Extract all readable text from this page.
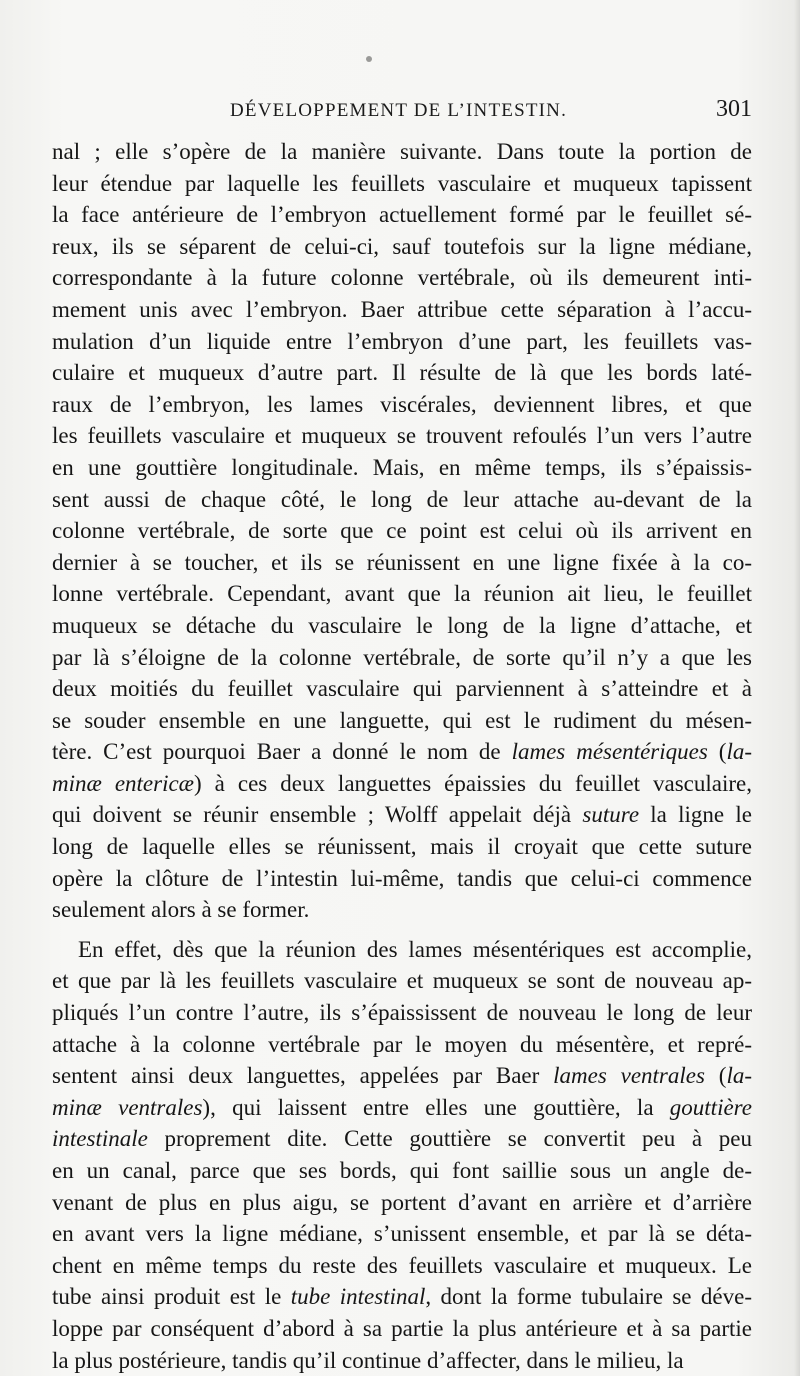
DÉVELOPPEMENT DE L’INTESTIN.	301
nal ; elle s’opère de la manière suivante. Dans toute la portion de
leur étendue par laquelle les feuillets vasculaire et muqueux tapissent
la face antérieure de l’embryon actuellement formé par le feuillet sé-
reux, ils se séparent de celui-ci, sauf toutefois sur la ligne médiane,
correspondante à la future colonne vertébrale, où ils demeurent inti-
mement unis avec l’embryon. Baer attribue cette séparation à l’accu-
mulation d’un liquide entre l’embryon d’une part, les feuillets vas-
culaire et muqueux d’autre part. Il résulte de là que les bords laté-
raux de l’embryon, les lames viscérales, deviennent libres, et que
les feuillets vasculaire et muqueux se trouvent refoulés l’un vers l’autre
en une gouttière longitudinale. Mais, en même temps, ils s’épaissis-
sent aussi de chaque côté, le long de leur attache au-devant de la
colonne vertébrale, de sorte que ce point est celui où ils arrivent en
dernier à se toucher, et ils se réunissent en une ligne fixée à la co-
lonne vertébrale. Cependant, avant que la réunion ait lieu, le feuillet
muqueux se détache du vasculaire le long de la ligne d’attache, et
par là s’éloigne de la colonne vertébrale, de sorte qu’il n’y a que les
deux moitiés du feuillet vasculaire qui parviennent à s’atteindre et à
se souder ensemble en une languette, qui est le rudiment du mésen-
tère. C’est pourquoi Baer a donné le nom de lames mésentériques (la-
minæ entericæ) à ces deux languettes épaissies du feuillet vasculaire,
qui doivent se réunir ensemble ; Wolff appelait déjà suture la ligne le
long de laquelle elles se réunissent, mais il croyait que cette suture
opère la clôture de l’intestin lui-même, tandis que celui-ci commence
seulement alors à se former.
En effet, dès que la réunion des lames mésentériques est accomplie,
et que par là les feuillets vasculaire et muqueux se sont de nouveau ap-
pliqués l’un contre l’autre, ils s’épaississent de nouveau le long de leur
attache à la colonne vertébrale par le moyen du mésentère, et repré-
sentent ainsi deux languettes, appelées par Baer lames ventrales (la-
minæ ventrales), qui laissent entre elles une gouttière, la gouttière
intestinale proprement dite. Cette gouttière se convertit peu à peu
en un canal, parce que ses bords, qui font saillie sous un angle de-
venant de plus en plus aigu, se portent d’avant en arrière et d’arrière
en avant vers la ligne médiane, s’unissent ensemble, et par là se déta-
chent en même temps du reste des feuillets vasculaire et muqueux. Le
tube ainsi produit est le tube intestinal, dont la forme tubulaire se déve-
loppe par conséquent d’abord à sa partie la plus antérieure et à sa partie
la plus postérieure, tandis qu’il continue d’affecter, dans le milieu, la
